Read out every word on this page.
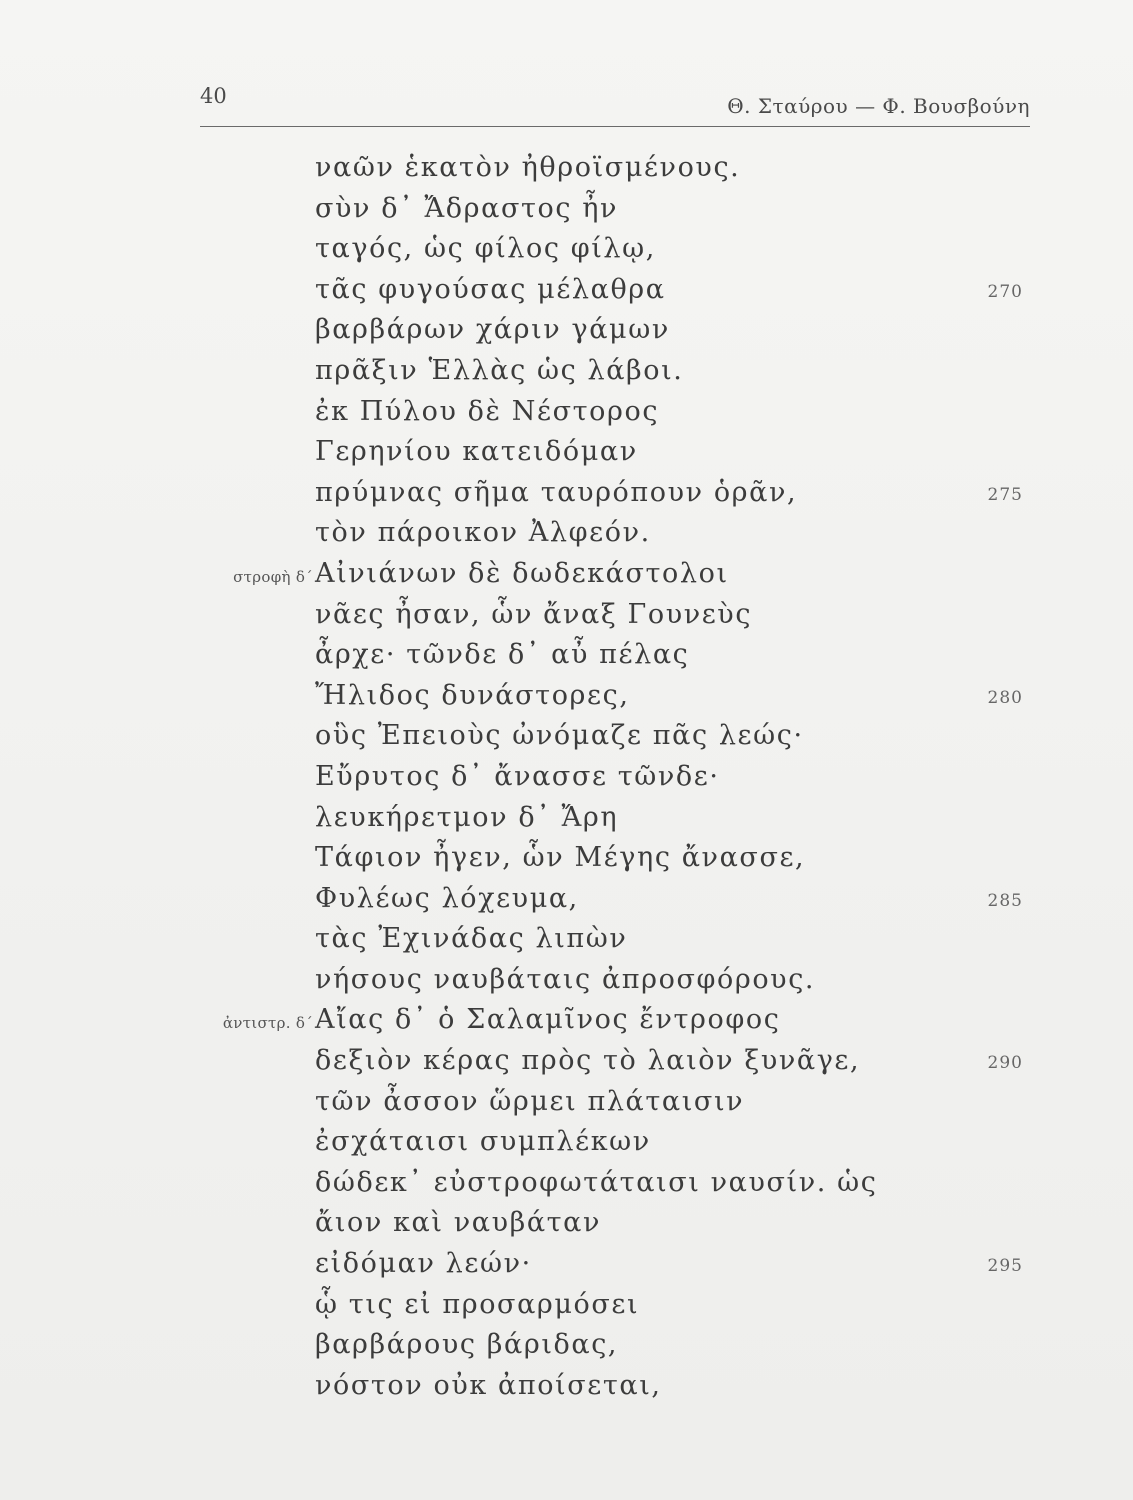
40	Θ. Σταύρου — Φ. Βουσβούνη
ναῶν ἑκατὸν ἠθροϊσμένους.
σὺν δ᾽ Ἄδραστος ἦν
ταγός, ὡς φίλος φίλῳ,
τᾶς φυγούσας μέλαθρα	270
βαρβάρων χάριν γάμων
πρᾶξιν Ἑλλὰς ὡς λάβοι.
ἐκ Πύλου δὲ Νέστορος
Γερηνίου κατειδόμαν
πρύμνας σῆμα ταυρόπουν ὁρᾶν,	275
τὸν πάροικον Ἀλφεόν.
στροφὴ δ´ Αἰνιάνων δὲ δωδεκάστολοι
νᾶες ἦσαν, ὧν ἄναξ Γουνεὺς
ἆρχε· τῶνδε δ᾽ αὖ πέλας
Ἤλιδος δυνάστορες,	280
οὓς Ἐπειοὺς ὠνόμαζε πᾶς λεώς·
Εὔρυτος δ᾽ ἄνασσε τῶνδε·
λευκήρετμον δ᾽ Ἄρη
Τάφιον ἦγεν, ὧν Μέγης ἄνασσε,
Φυλέως λόχευμα,	285
τὰς Ἐχινάδας λιπὼν
νήσους ναυβάταις ἀπροσφόρους.
ἀντιστρ. δ´ Αἴας δ᾽ ὁ Σαλαμῖνος ἔντροφος
δεξιὸν κέρας πρὸς τὸ λαιὸν ξυνᾶγε,	290
τῶν ἆσσον ὥρμει πλάταισιν
ἐσχάταισι συμπλέκων
δώδεκ᾽ εὐστροφωτάταισι ναυσίν. ὡς
ἄιον καὶ ναυβάταν
εἰδόμαν λεών·	295
ᾧ τις εἰ προσαρμόσει
βαρβάρους βάριδας,
νόστον οὐκ ἀποίσεται,
